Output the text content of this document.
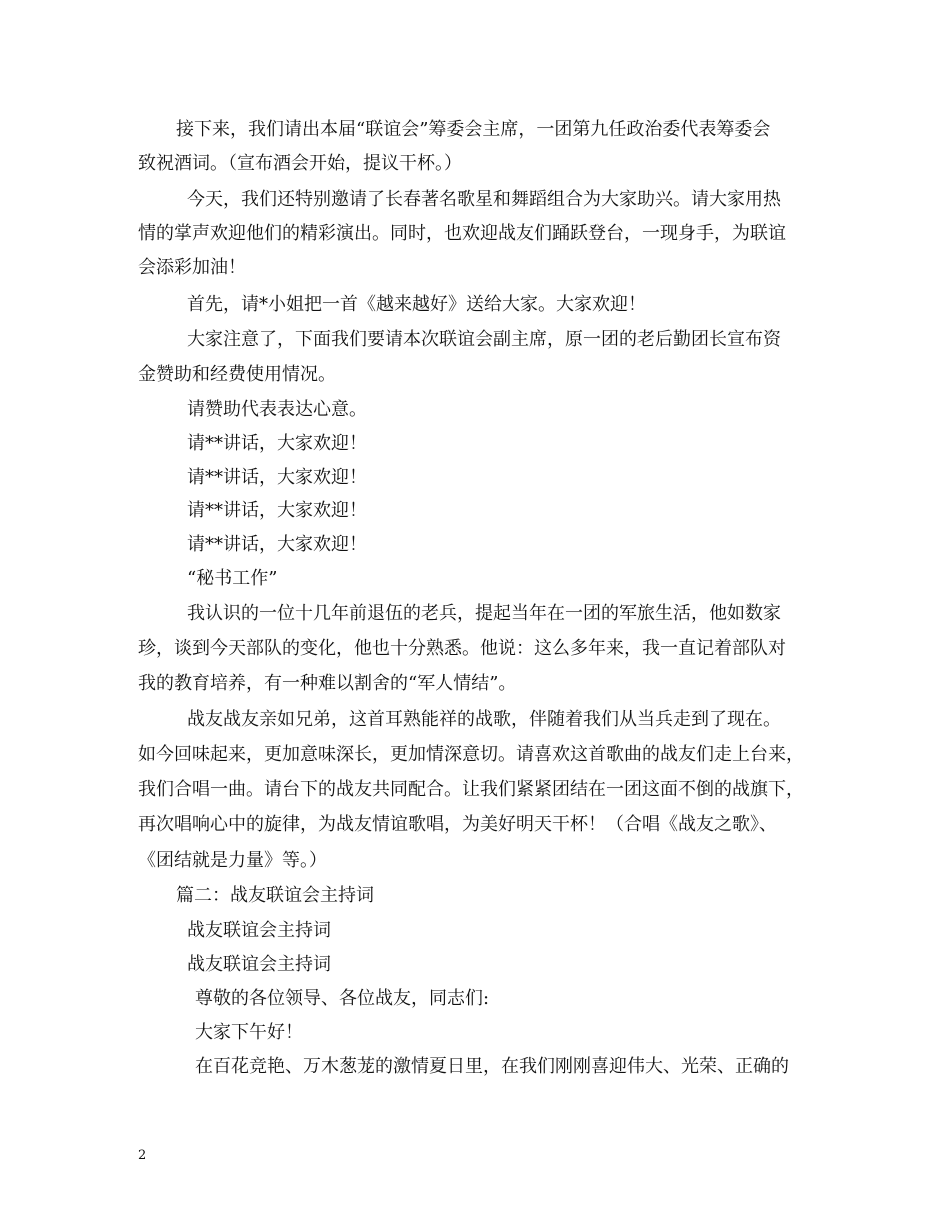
接下来，我们请出本届“联谊会”筹委会主席，一团第九任政治委代表筹委会
致祝酒词。（宣布酒会开始，提议干杯。）
今天，我们还特别邀请了长春著名歌星和舞蹈组合为大家助兴。请大家用热
情的掌声欢迎他们的精彩演出。同时，也欢迎战友们踊跃登台，一现身手，为联谊
会添彩加油！
首先，请*小姐把一首《越来越好》送给大家。大家欢迎！
大家注意了，下面我们要请本次联谊会副主席，原一团的老后勤团长宣布资
金赞助和经费使用情况。
请赞助代表表达心意。
请**讲话，大家欢迎！
请**讲话，大家欢迎！
请**讲话，大家欢迎！
请**讲话，大家欢迎！
“秘书工作”
我认识的一位十几年前退伍的老兵，提起当年在一团的军旅生活，他如数家
珍，谈到今天部队的变化，他也十分熟悉。他说：这么多年来，我一直记着部队对
我的教育培养，有一种难以割舍的“军人情结”。
战友战友亲如兄弟，这首耳熟能祥的战歌，伴随着我们从当兵走到了现在。
如今回味起来，更加意味深长，更加情深意切。请喜欢这首歌曲的战友们走上台来，
我们合唱一曲。请台下的战友共同配合。让我们紧紧团结在一团这面不倒的战旗下，
再次唱响心中的旋律，为战友情谊歌唱，为美好明天干杯！（合唱《战友之歌》、
《团结就是力量》等。）
篇二：战友联谊会主持词
战友联谊会主持词
战友联谊会主持词
尊敬的各位领导、各位战友，同志们:
大家下午好！
在百花竞艳、万木葱茏的激情夏日里，在我们刚刚喜迎伟大、光荣、正确的
2
